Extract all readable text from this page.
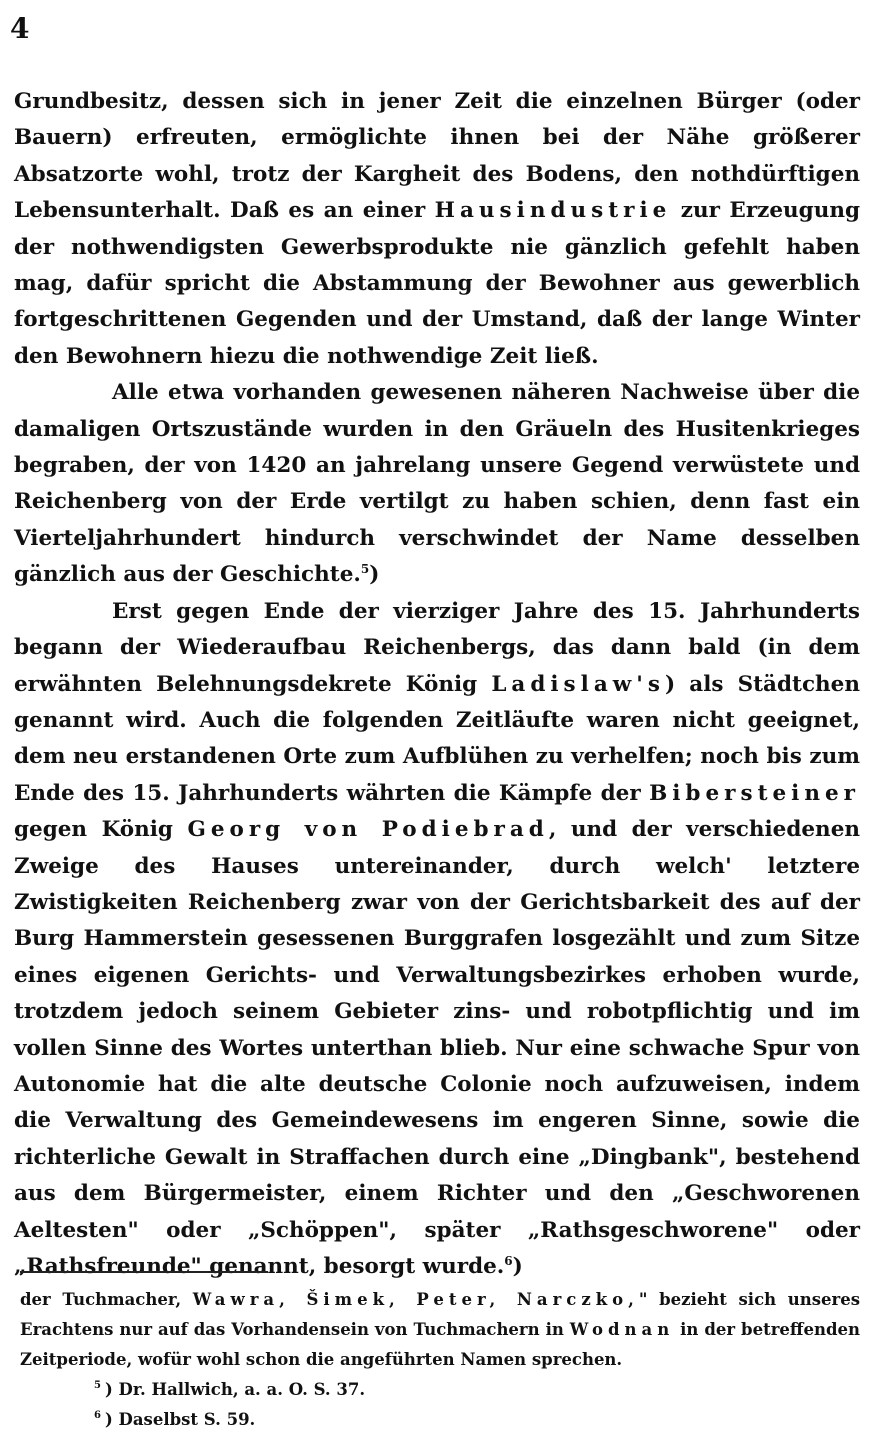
4

Grundbesitz, dessen sich in jener Zeit die einzelnen Bürger (oder Bauern) erfreuten, ermöglichte ihnen bei der Nähe größerer Absatzorte wohl, trotz der Kargheit des Bodens, den nothdürftigen Lebensunterhalt. Daß es an einer Hausindustrie zur Erzeugung der nothwendigsten Gewerbsprodukte nie gänzlich gefehlt haben mag, dafür spricht die Abstammung der Bewohner aus gewerblich fortgeschrittenen Gegenden und der Umstand, daß der lange Winter den Bewohnern hiezu die nothwendige Zeit ließ.

Alle etwa vorhanden gewesenen näheren Nachweise über die damaligen Ortszustände wurden in den Gräueln des Husitenkrieges begraben, der von 1420 an jahrelang unsere Gegend verwüstete und Reichenberg von der Erde vertilgt zu haben schien, denn fast ein Vierteljahrhundert hindurch verschwindet der Name desselben gänzlich aus der Geschichte.$^5$)

Erst gegen Ende der vierziger Jahre des 15. Jahrhunderts begann der Wiederaufbau Reichenbergs, das dann bald (in dem erwähnten Belehnungsdekrete König Ladislaw's) als Städtchen genannt wird. Auch die folgenden Zeitläufte waren nicht geeignet, dem neu erstandenen Orte zum Aufblühen zu verhelfen; noch bis zum Ende des 15. Jahrhunderts währten die Kämpfe der Bibersteiner gegen König Georg von Podiebrad, und der verschiedenen Zweige des Hauses untereinander, durch welch' letztere Zwistigkeiten Reichenberg zwar von der Gerichtsbarkeit des auf der Burg Hammerstein gesessenen Burggrafen losgezählt und zum Sitze eines eigenen Gerichts- und Verwaltungsbezirkes erhoben wurde, trotzdem jedoch seinem Gebieter zins- und robotpflichtig und im vollen Sinne des Wortes unterthan blieb. Nur eine schwache Spur von Autonomie hat die alte deutsche Colonie noch aufzuweisen, indem die Verwaltung des Gemeindewesens im engeren Sinne, sowie die richterliche Gewalt in Straffachen durch eine „Dingbank", bestehend aus dem Bürgermeister, einem Richter und den „Geschworenen Aeltesten" oder „Schöppen", später „Rathsgeschworene" oder „Rathsfreunde" genannt, besorgt wurde.$^6$)

der Tuchmacher, Wawra, Šimek, Peter, Narczko," bezieht sich unseres Erachtens nur auf das Vorhandensein von Tuchmachern in Wodnan in der betreffenden Zeitperiode, wofür wohl schon die angeführten Namen sprechen.

$^5$ ) Dr. Hallwich, a. a. O. S. 37.

$^6$ ) Daselbst S. 59.
